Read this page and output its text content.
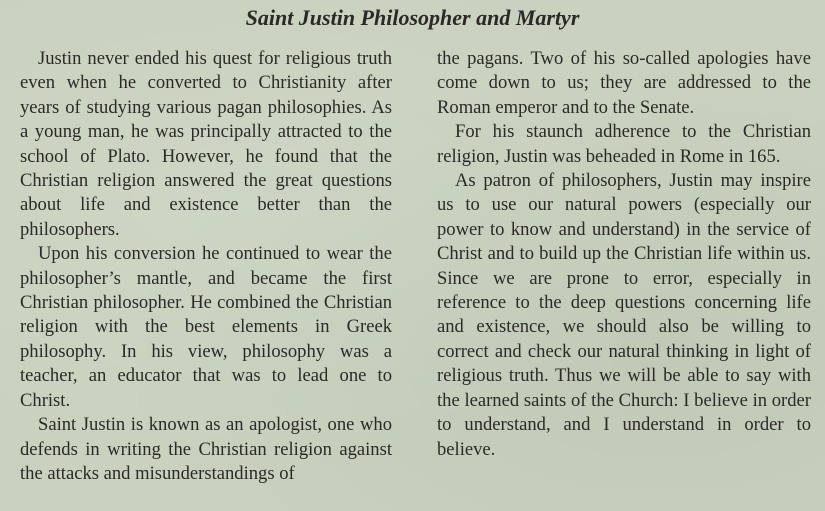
Saint Justin Philosopher and Martyr

Justin never ended his quest for religious truth even when he converted to Christianity after years of studying various pagan philosophies. As a young man, he was principally attracted to the school of Plato. However, he found that the Christian religion answered the great questions about life and existence better than the philosophers.

Upon his conversion he continued to wear the philosopher’s mantle, and became the first Christian philosopher. He combined the Christian religion with the best elements in Greek philosophy. In his view, philosophy was a teacher, an educator that was to lead one to Christ.

Saint Justin is known as an apologist, one who defends in writing the Christian religion against the attacks and misunderstandings of

the pagans. Two of his so-called apologies have come down to us; they are addressed to the Roman emperor and to the Senate.

For his staunch adherence to the Christian religion, Justin was beheaded in Rome in 165.

As patron of philosophers, Justin may inspire us to use our natural powers (especially our power to know and understand) in the service of Christ and to build up the Christian life within us. Since we are prone to error, especially in reference to the deep questions concerning life and existence, we should also be willing to correct and check our natural thinking in light of religious truth. Thus we will be able to say with the learned saints of the Church: I believe in order to understand, and I understand in order to believe.
